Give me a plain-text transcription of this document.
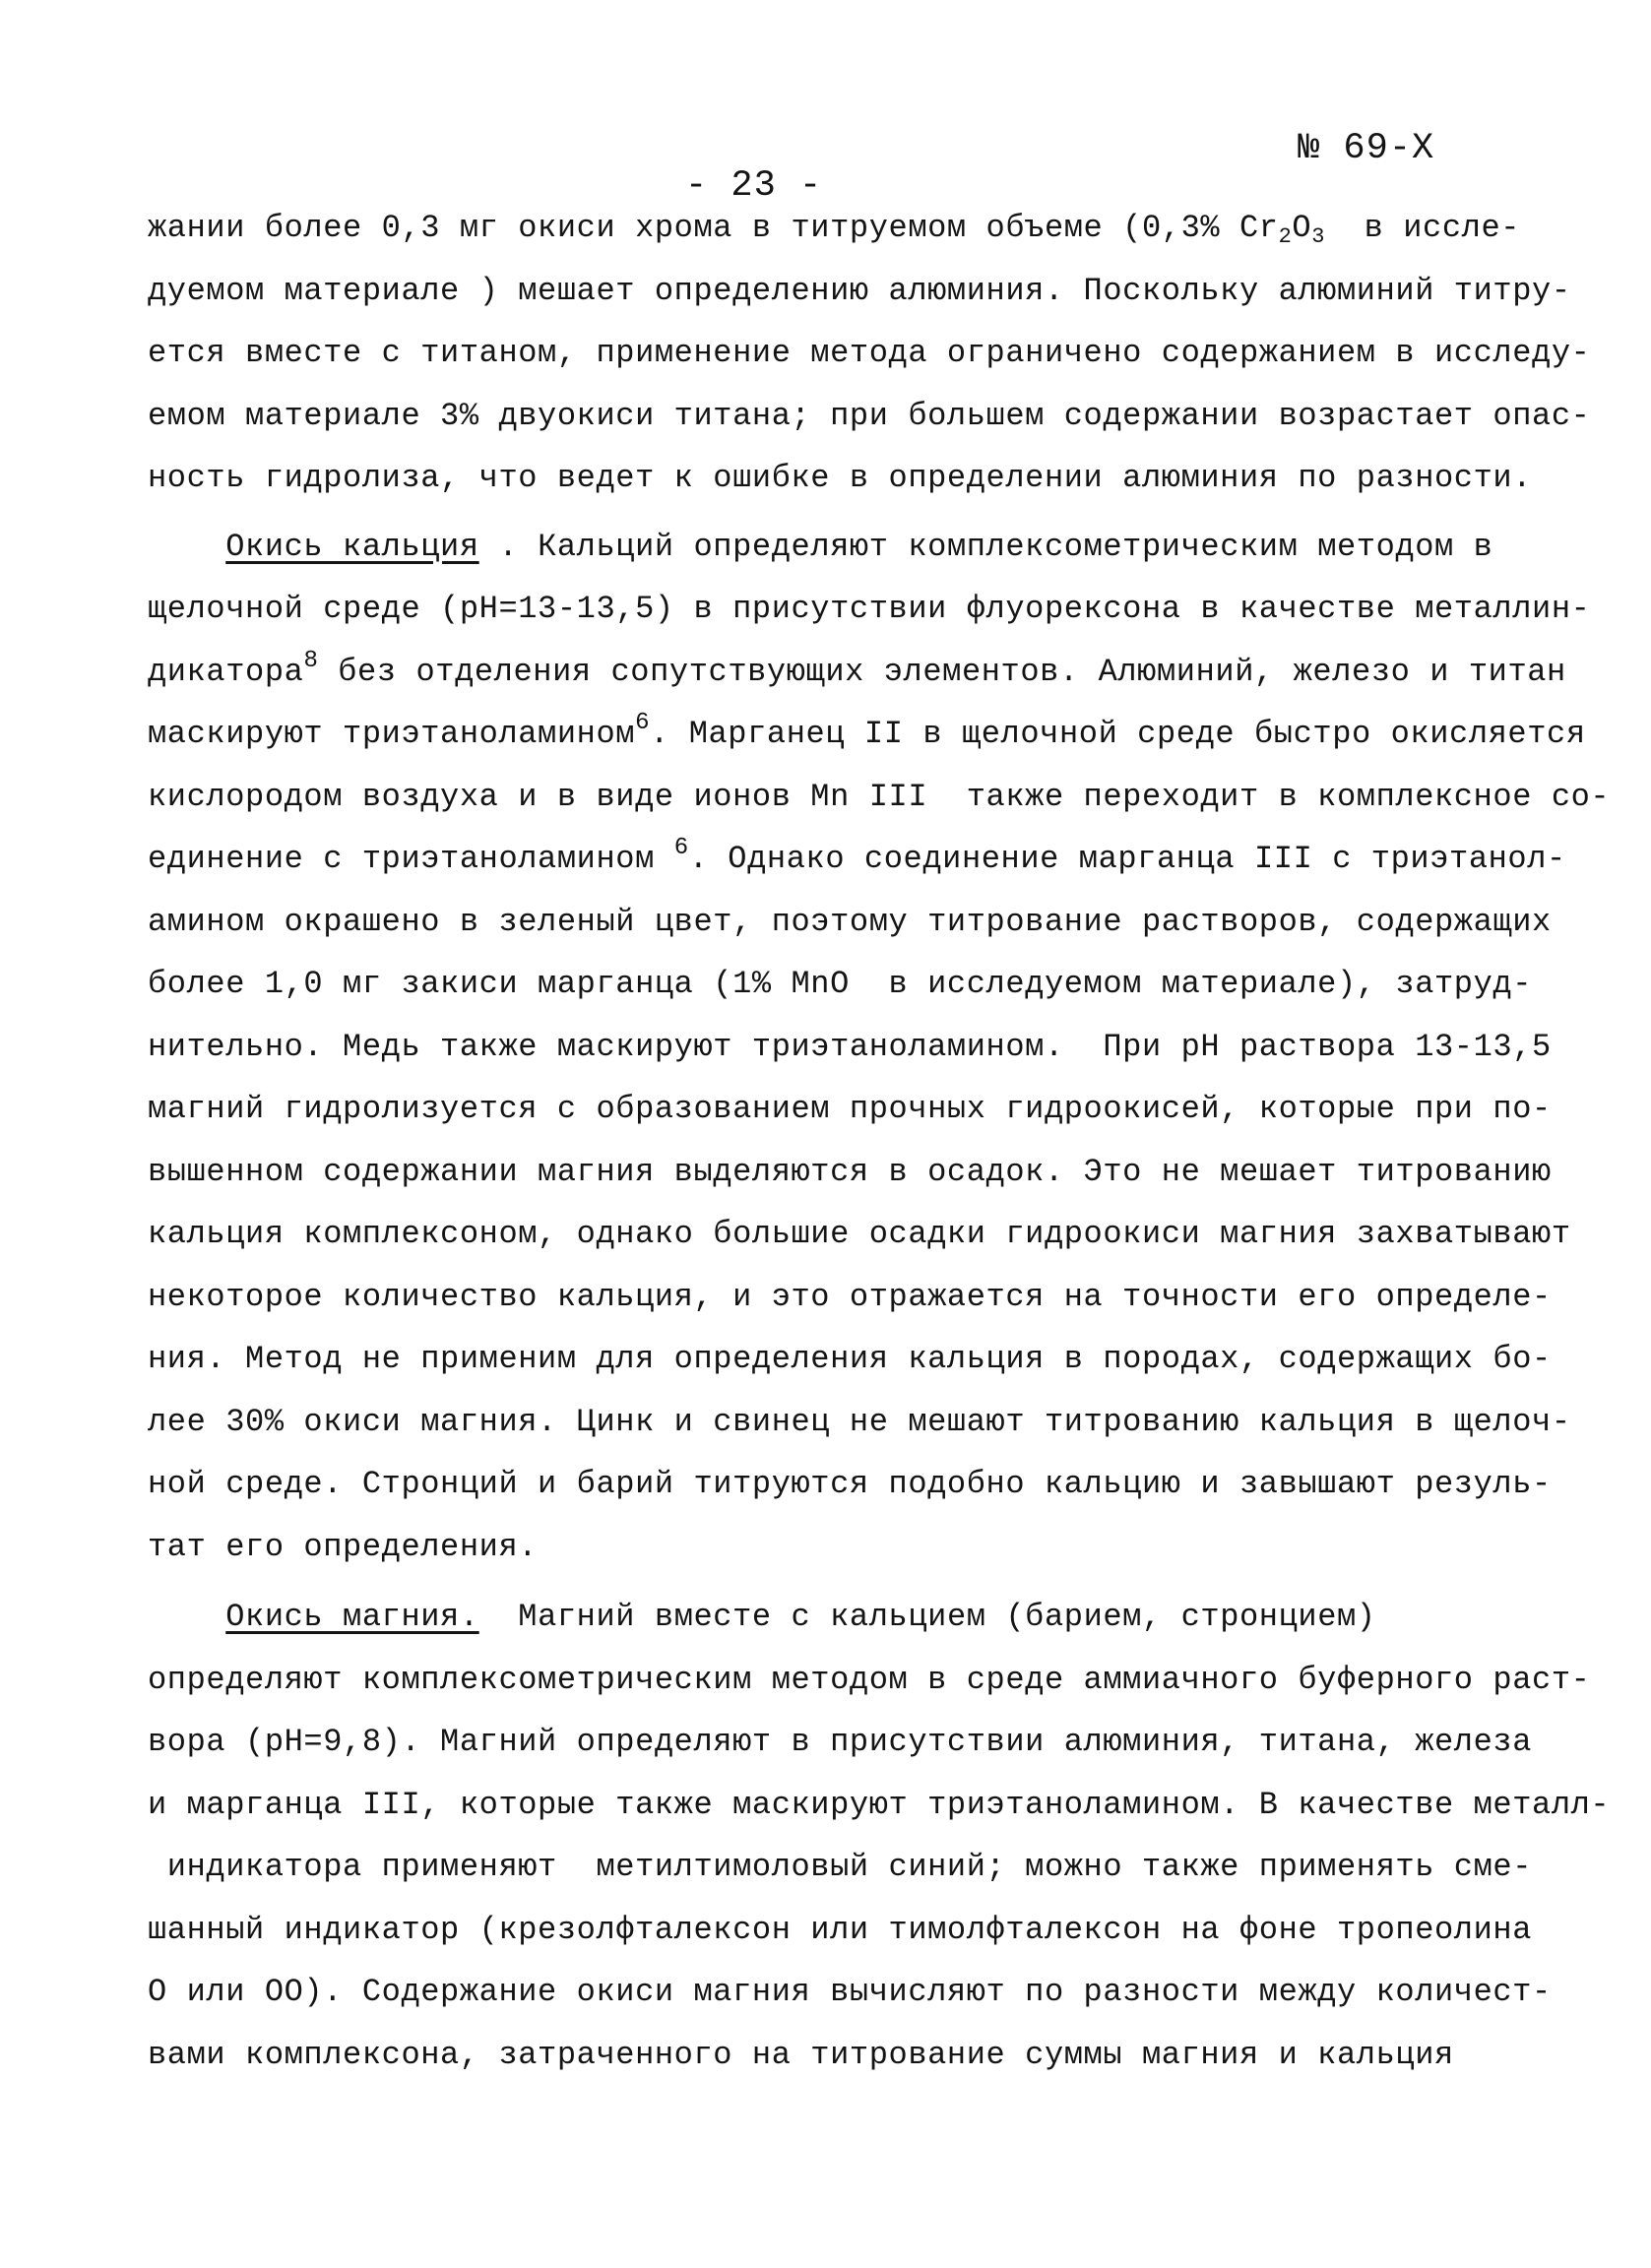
№ 69-X
- 23 -
жании более 0,3 мг окиси хрома в титруемом объеме (0,3% $Cr_2O_3$  в иссле-
дуемом материале ) мешает определению алюминия. Поскольку алюминий титру-
ется вместе с титаном, применение метода ограничено содержанием в исследу-
емом материале 3% двуокиси титана; при большем содержании возрастает опас-
ность гидролиза, что ведет к ошибке в определении алюминия по разности.
Окись кальция . Кальций определяют комплексометрическим методом в
щелочной среде (pH=13-13,5) в присутствии флуорексона в качестве металлин-
дикатора$^8$ без отделения сопутствующих элементов. Алюминий, железо и титан
маскируют триэтаноламином$^6$. Марганец II в щелочной среде быстро окисляется
кислородом воздуха и в виде ионов Mn III  также переходит в комплексное со-
единение с триэтаноламином $^6$. Однако соединение марганца III с триэтанол-
амином окрашено в зеленый цвет, поэтому титрование растворов, содержащих
более 1,0 мг закиси марганца (1% MnO  в исследуемом материале), затруд-
нительно. Медь также маскируют триэтаноламином.  При pH раствора 13-13,5
магний гидролизуется с образованием прочных гидроокисей, которые при по-
вышенном содержании магния выделяются в осадок. Это не мешает титрованию
кальция комплексоном, однако большие осадки гидроокиси магния захватывают
некоторое количество кальция, и это отражается на точности его определе-
ния. Метод не применим для определения кальция в породах, содержащих бо-
лее 30% окиси магния. Цинк и свинец не мешают титрованию кальция в щелоч-
ной среде. Стронций и барий титруются подобно кальцию и завышают резуль-
тат его определения.
Окись магния.  Магний вместе с кальцием (барием, стронцием)
определяют комплексометрическим методом в среде аммиачного буферного раст-
вора (pH=9,8). Магний определяют в присутствии алюминия, титана, железа
и марганца III, которые также маскируют триэтаноламином. В качестве металл-
индикатора применяют  метилтимоловый синий; можно также применять сме-
шанный индикатор (крезолфталексон или тимолфталексон на фоне тропеолина
O или OO). Содержание окиси магния вычисляют по разности между количест-
вами комплексона, затраченного на титрование суммы магния и кальция
